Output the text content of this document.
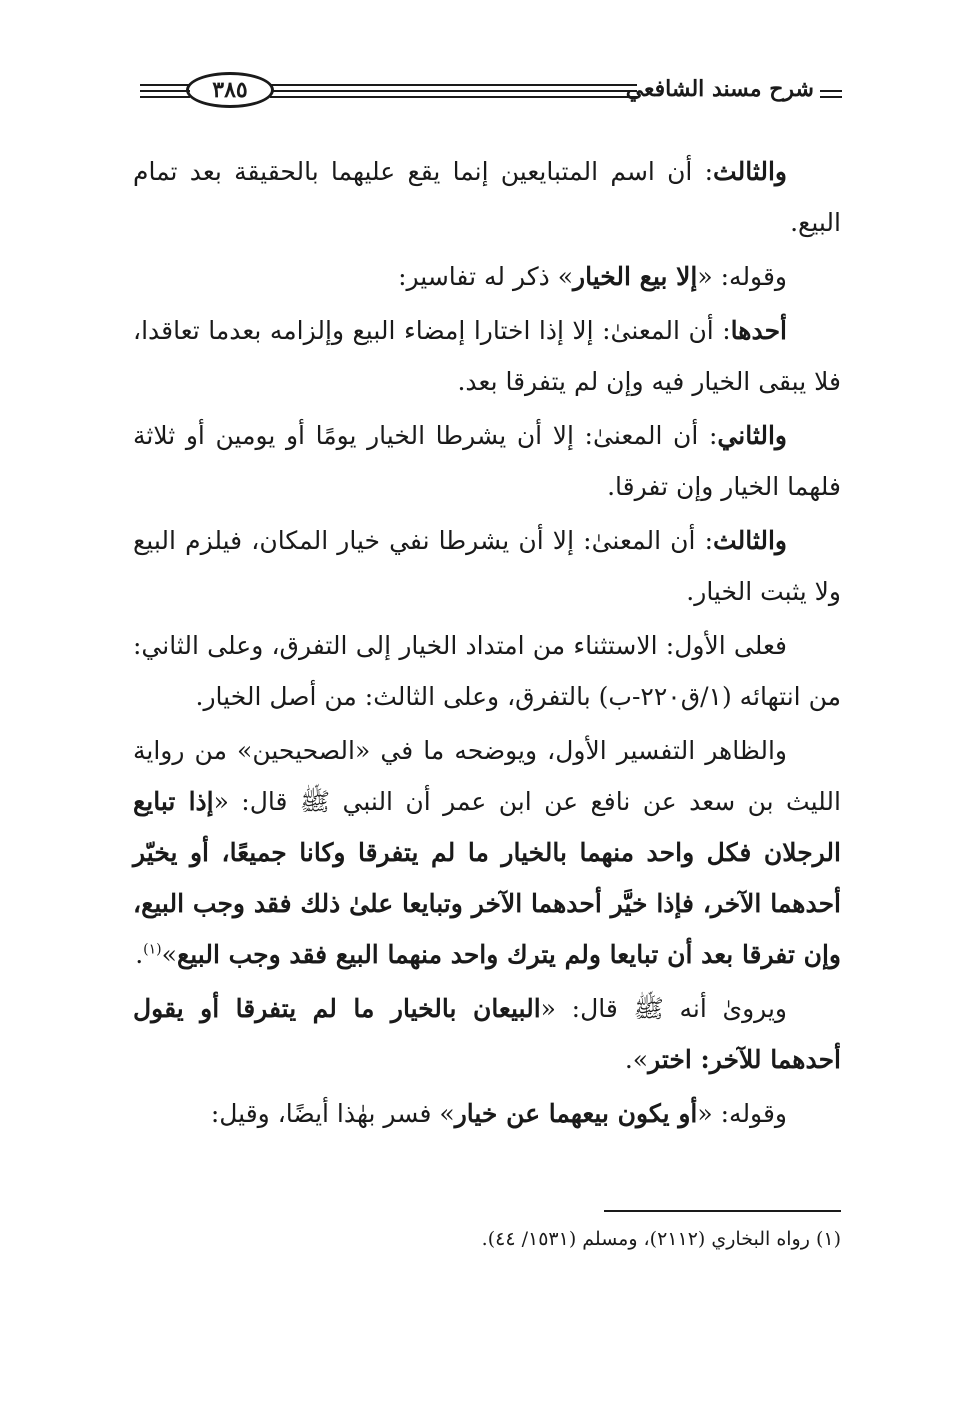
شرح مسند الشافعي
٣٨٥

والثالث: أن اسم المتبايعين إنما يقع عليهما بالحقيقة بعد تمام البيع.

وقوله: «إلا بيع الخيار» ذكر له تفاسير:

أحدها: أن المعنىٰ: إلا إذا اختارا إمضاء البيع وإلزامه بعدما تعاقدا، فلا يبقى الخيار فيه وإن لم يتفرقا بعد.

والثاني: أن المعنىٰ: إلا أن يشرطا الخيار يومًا أو يومين أو ثلاثة فلهما الخيار وإن تفرقا.

والثالث: أن المعنىٰ: إلا أن يشرطا نفي خيار المكان، فيلزم البيع ولا يثبت الخيار.

فعلى الأول: الاستثناء من امتداد الخيار إلى التفرق، وعلى الثاني: من انتهائه (١/ق٢٢٠-ب) بالتفرق، وعلى الثالث: من أصل الخيار.

والظاهر التفسير الأول، ويوضحه ما في «الصحيحين» من رواية الليث بن سعد عن نافع عن ابن عمر أن النبي ﷺ قال: «إذا تبايع الرجلان فكل واحد منهما بالخيار ما لم يتفرقا وكانا جميعًا، أو يخيّر أحدهما الآخر، فإذا خيَّر أحدهما الآخر وتبايعا علىٰ ذلك فقد وجب البيع، وإن تفرقا بعد أن تبايعا ولم يترك واحد منهما البيع فقد وجب البيع»$^{(١)}$.

ويروىٰ أنه ﷺ قال: «البيعان بالخيار ما لم يتفرقا أو يقول أحدهما للآخر: اختر».

وقوله: «أو يكون بيعهما عن خيار» فسر بهٰذا أيضًا، وقيل:

(١) رواه البخاري (٢١١٢)، ومسلم (١٥٣١/ ٤٤).
